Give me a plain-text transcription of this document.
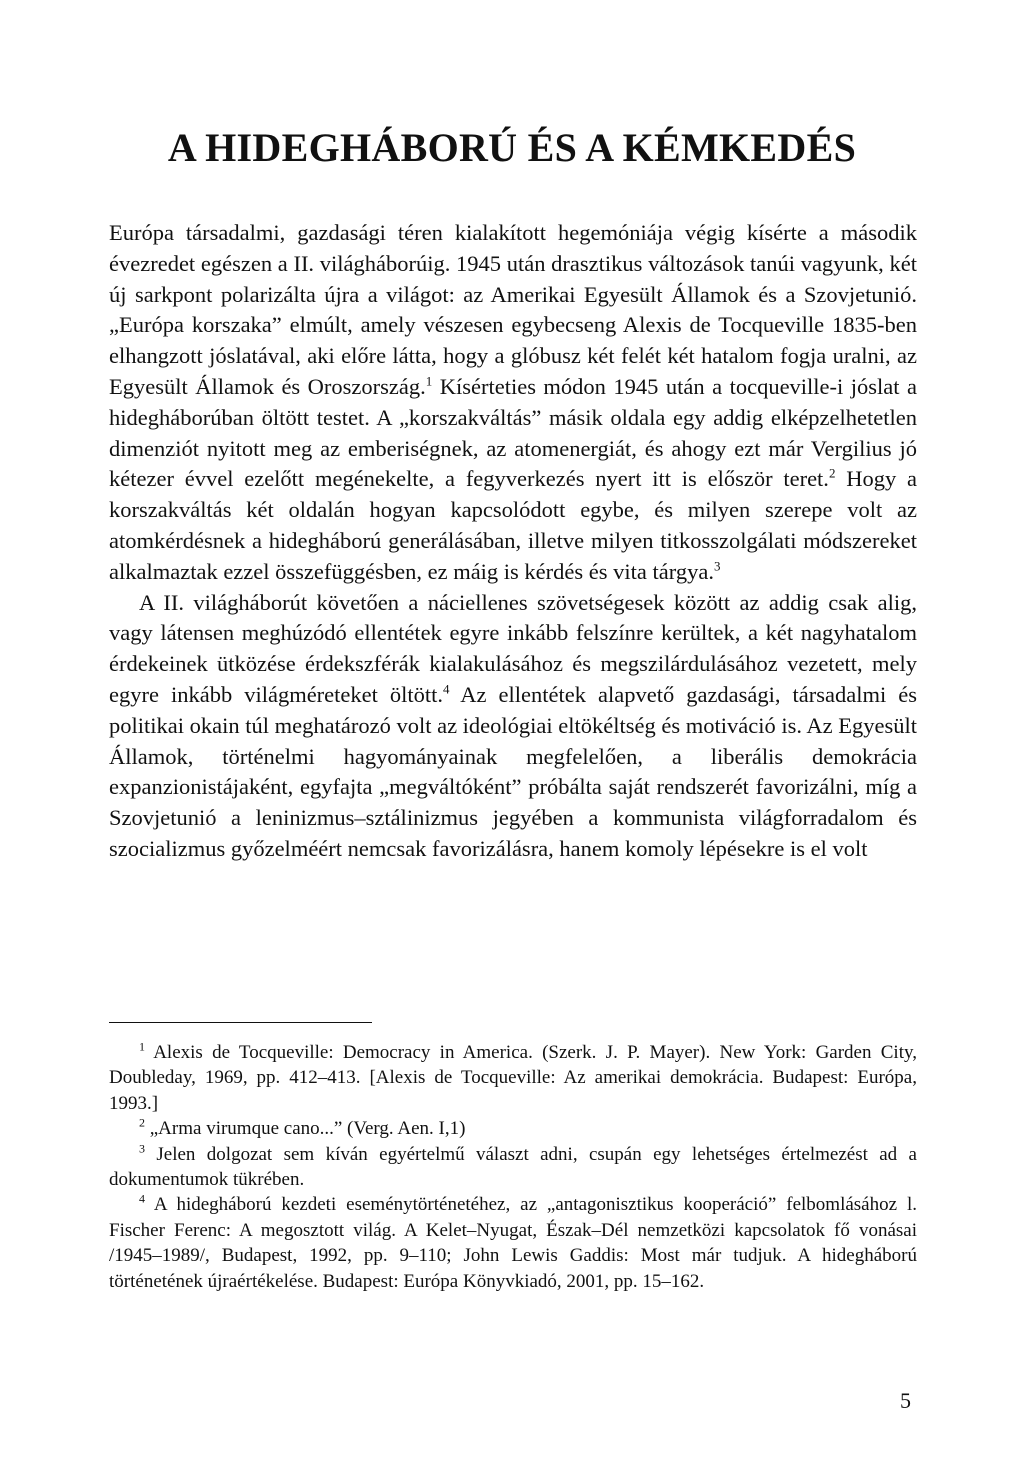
A HIDEGHÁBORÚ ÉS A KÉMKEDÉS

Európa társadalmi, gazdasági téren kialakított hegemóniája végig kísérte a második évezredet egészen a II. világháborúig. 1945 után drasztikus változások tanúi vagyunk, két új sarkpont polarizálta újra a világot: az Amerikai Egyesült Államok és a Szovjetunió. „Európa korszaka” elmúlt, amely vészesen egybecseng Alexis de Tocqueville 1835-ben elhangzott jóslatával, aki előre látta, hogy a glóbusz két felét két hatalom fogja uralni, az Egyesült Államok és Oroszország.$^1$ Kísérteties módon 1945 után a tocqueville-i jóslat a hidegháborúban öltött testet. A „korszakváltás” másik oldala egy addig elképzelhetetlen dimenziót nyitott meg az emberiségnek, az atomenergiát, és ahogy ezt már Vergilius jó kétezer évvel ezelőtt megénekelte, a fegyverkezés nyert itt is először teret.$^2$ Hogy a korszakváltás két oldalán hogyan kapcsolódott egybe, és milyen szerepe volt az atomkérdésnek a hidegháború generálásában, illetve milyen titkosszolgálati módszereket alkalmaztak ezzel összefüggésben, ez máig is kérdés és vita tárgya.$^3$

A II. világháborút követően a náciellenes szövetségesek között az addig csak alig, vagy látensen meghúzódó ellentétek egyre inkább felszínre kerültek, a két nagyhatalom érdekeinek ütközése érdekszférák kialakulásához és megszilárdulásához vezetett, mely egyre inkább világméreteket öltött.$^4$ Az ellentétek alapvető gazdasági, társadalmi és politikai okain túl meghatározó volt az ideológiai eltökéltség és motiváció is. Az Egyesült Államok, történelmi hagyományainak megfelelően, a liberális demokrácia expanzionistájaként, egyfajta „megváltóként” próbálta saját rendszerét favorizálni, míg a Szovjetunió a leninizmus–sztálinizmus jegyében a kommunista világforradalom és szocializmus győzelméért nemcsak favorizálásra, hanem komoly lépésekre is el volt

$^1$ Alexis de Tocqueville: Democracy in America. (Szerk. J. P. Mayer). New York: Garden City, Doubleday, 1969, pp. 412–413. [Alexis de Tocqueville: Az amerikai demokrácia. Budapest: Európa, 1993.]

$^2$ „Arma virumque cano...” (Verg. Aen. I,1)

$^3$ Jelen dolgozat sem kíván egyértelmű választ adni, csupán egy lehetséges értelmezést ad a dokumentumok tükrében.

$^4$ A hidegháború kezdeti eseménytörténetéhez, az „antagonisztikus kooperáció” felbomlásához l. Fischer Ferenc: A megosztott világ. A Kelet–Nyugat, Észak–Dél nemzetközi kapcsolatok fő vonásai /1945–1989/, Budapest, 1992, pp. 9–110; John Lewis Gaddis: Most már tudjuk. A hidegháború történetének újraértékelése. Budapest: Európa Könyvkiadó, 2001, pp. 15–162.

5
